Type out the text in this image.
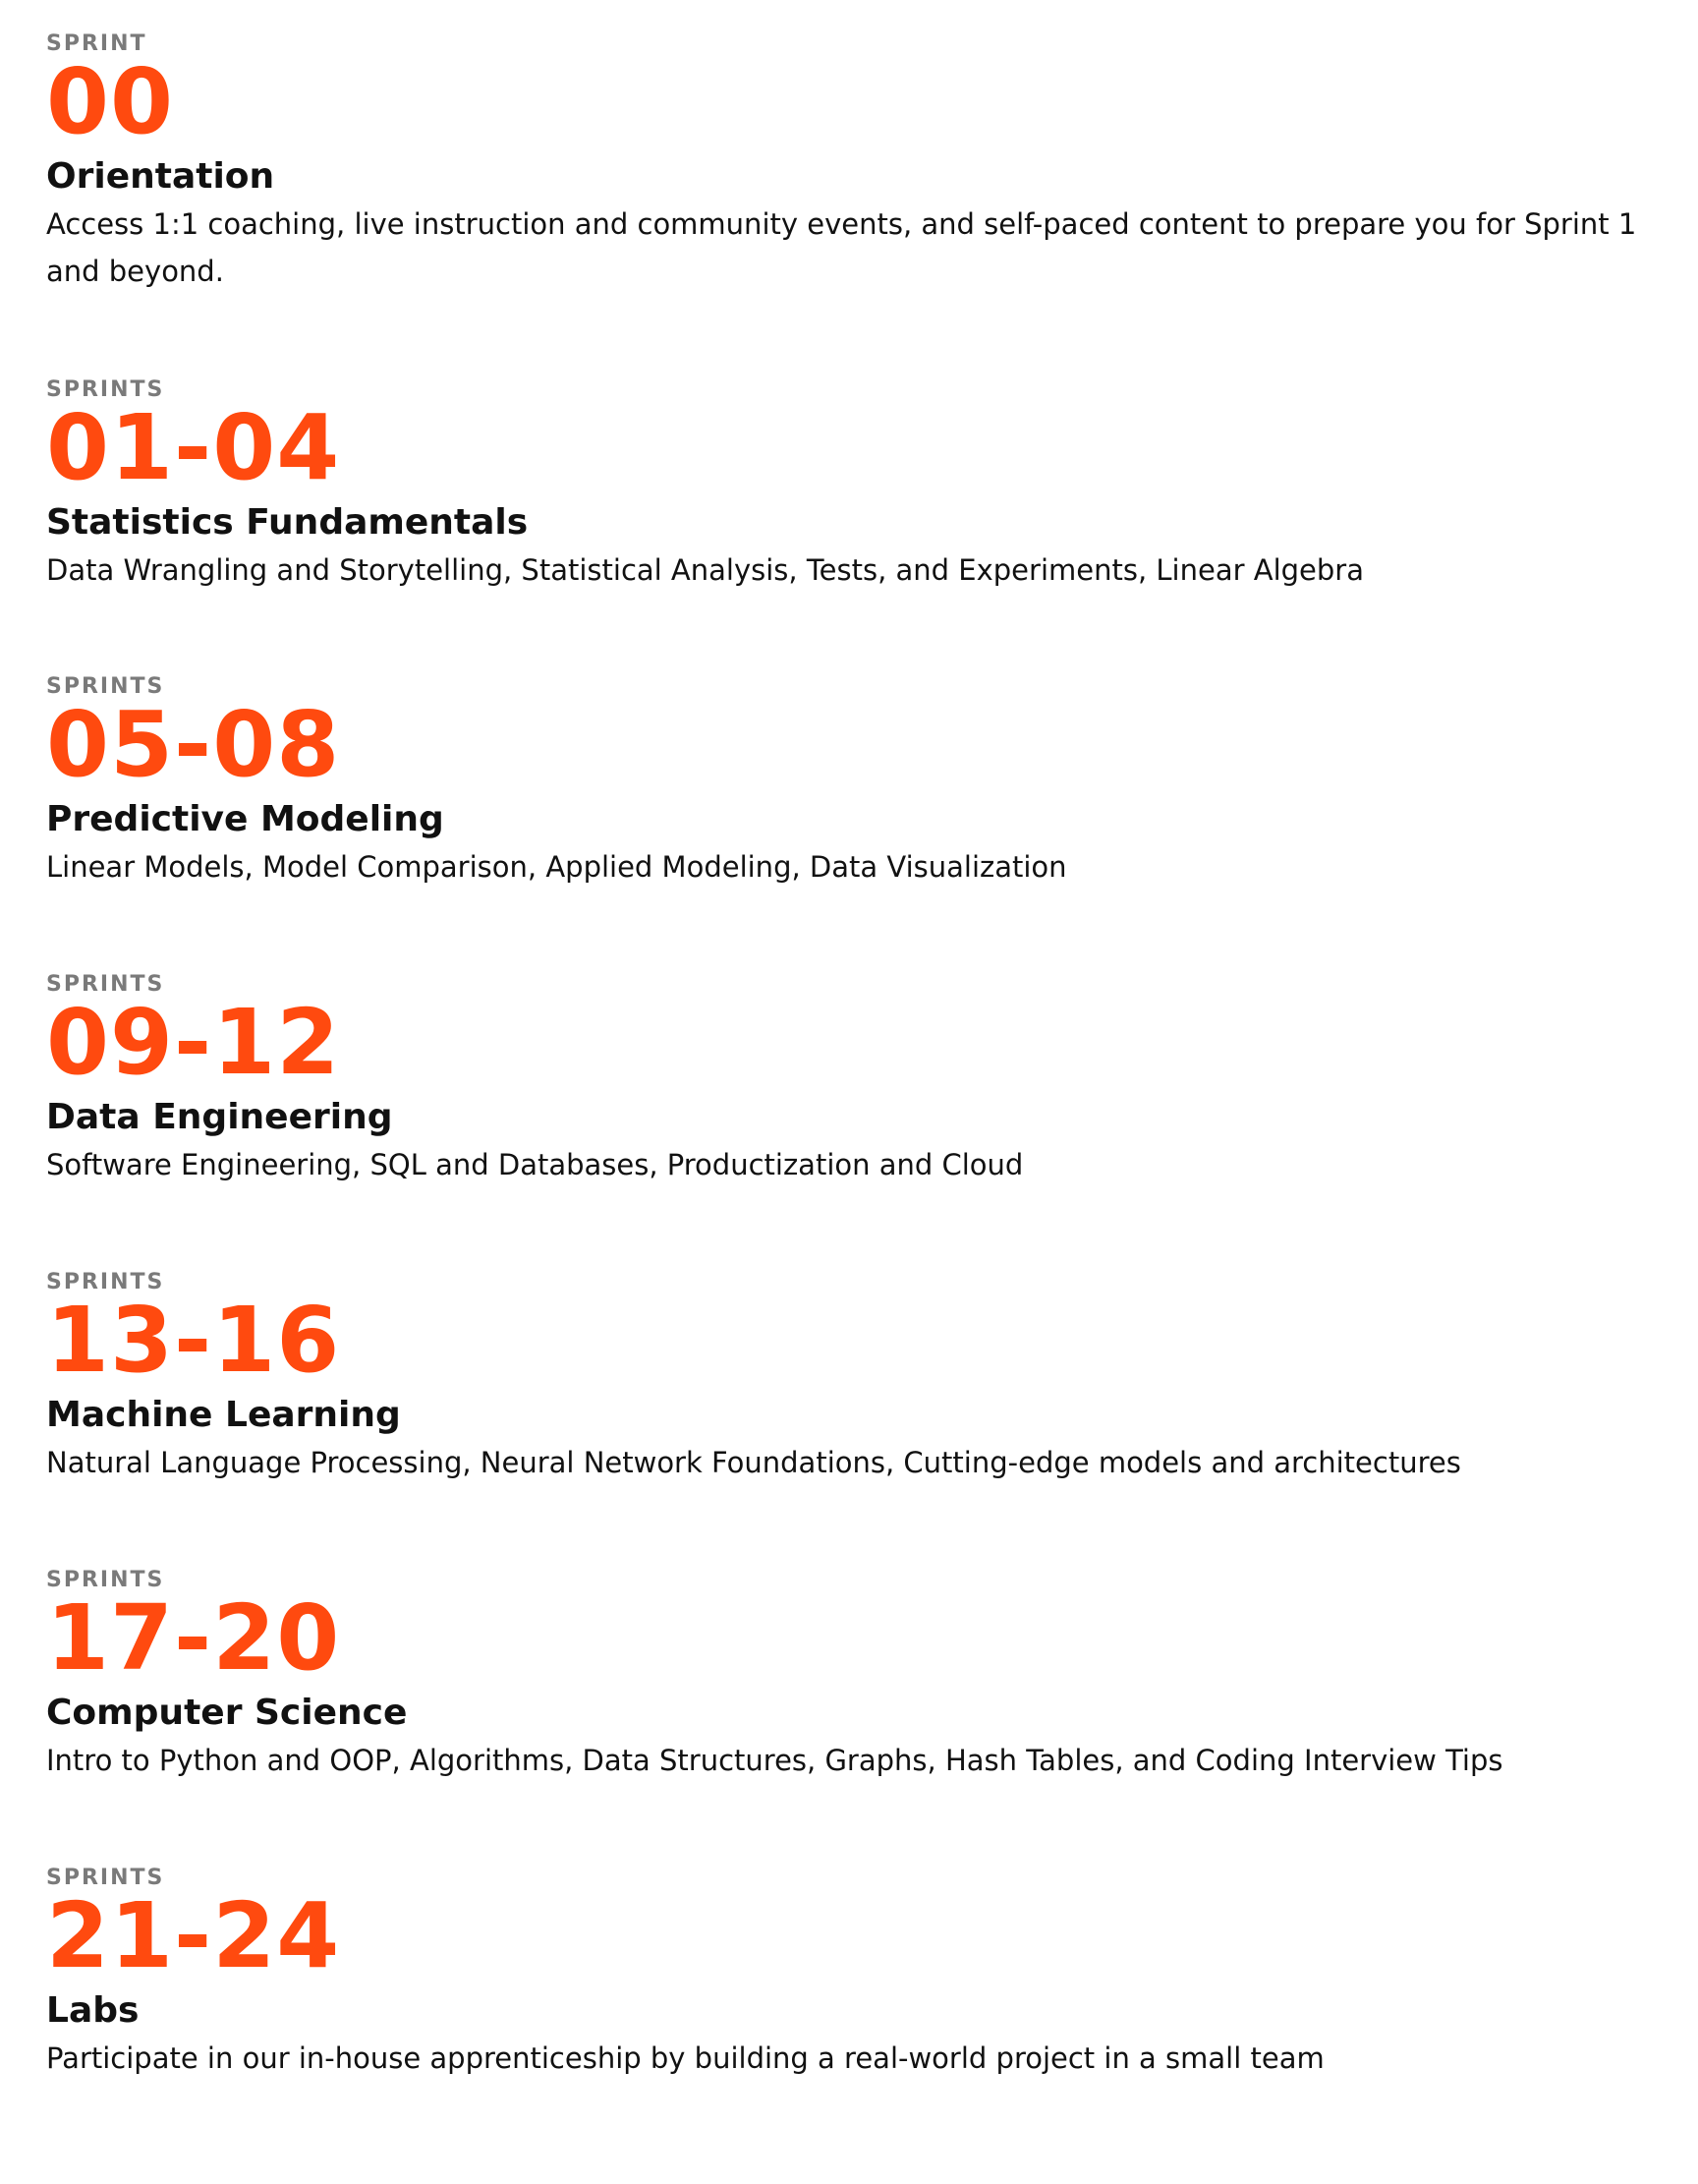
SPRINT
00
Orientation
Access 1:1 coaching, live instruction and community events, and self-paced content to prepare you for Sprint 1 and beyond.
SPRINTS
01-04
Statistics Fundamentals
Data Wrangling and Storytelling, Statistical Analysis, Tests, and Experiments, Linear Algebra
SPRINTS
05-08
Predictive Modeling
Linear Models, Model Comparison, Applied Modeling, Data Visualization
SPRINTS
09-12
Data Engineering
Software Engineering, SQL and Databases, Productization and Cloud
SPRINTS
13-16
Machine Learning
Natural Language Processing, Neural Network Foundations, Cutting-edge models and architectures
SPRINTS
17-20
Computer Science
Intro to Python and OOP, Algorithms, Data Structures, Graphs, Hash Tables, and Coding Interview Tips
SPRINTS
21-24
Labs
Participate in our in-house apprenticeship by building a real-world project in a small team
